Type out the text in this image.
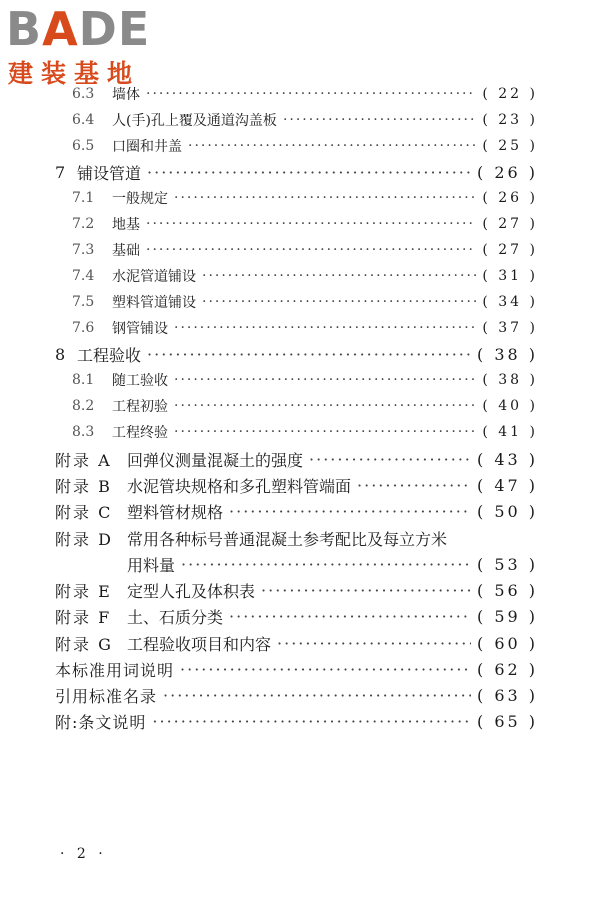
BADE
建装基地
6.3	墙体 ·····	( 22 )
6.4	人(手)孔上覆及通道沟盖板 ·····	( 23 )
6.5	口圈和井盖 ·····	( 25 )
7 铺设管道 ·····	( 26 )
7.1	一般规定 ·····	( 26 )
7.2	地基 ·····	( 27 )
7.3	基础 ·····	( 27 )
7.4	水泥管道铺设 ·····	( 31 )
7.5	塑料管道铺设 ·····	( 34 )
7.6	钢管铺设 ·····	( 37 )
8 工程验收 ·····	( 38 )
8.1	随工验收 ·····	( 38 )
8.2	工程初验 ·····	( 40 )
8.3	工程终验 ·····	( 41 )
附录 A 回弹仪测量混凝土的强度 ·····	( 43 )
附录 B 水泥管块规格和多孔塑料管端面 ·····	( 47 )
附录 C 塑料管材规格 ·····	( 50 )
附录 D 常用各种标号普通混凝土参考配比及每立方米
用料量 ·····	( 53 )
附录 E 定型人孔及体积表 ·····	( 56 )
附录 F 土、石质分类 ·····	( 59 )
附录 G 工程验收项目和内容 ·····	( 60 )
本标准用词说明 ·····	( 62 )
引用标准名录 ·····	( 63 )
附:条文说明 ·····	( 65 )
· 2 ·
